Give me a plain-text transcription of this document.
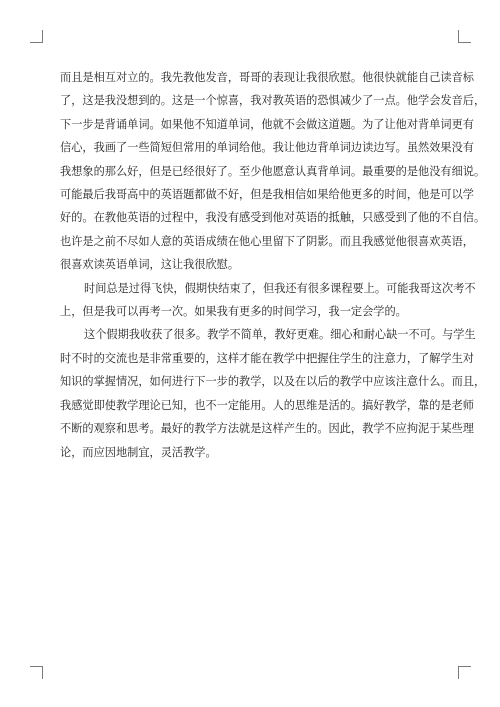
而且是相互对立的。我先教他发音，哥哥的表现让我很欣慰。他很快就能自己读音标
了，这是我没想到的。这是一个惊喜，我对教英语的恐惧减少了一点。他学会发音后，
下一步是背诵单词。如果他不知道单词，他就不会做这道题。为了让他对背单词更有
信心，我画了一些简短但常用的单词给他。我让他边背单词边读边写。虽然效果没有
我想象的那么好，但是已经很好了。至少他愿意认真背单词。最重要的是他没有细说。
可能最后我哥高中的英语题都做不好，但是我相信如果给他更多的时间，他是可以学
好的。在教他英语的过程中，我没有感受到他对英语的抵触，只感受到了他的不自信。
也许是之前不尽如人意的英语成绩在他心里留下了阴影。而且我感觉他很喜欢英语，
很喜欢读英语单词，这让我很欣慰。

时间总是过得飞快，假期快结束了，但我还有很多课程要上。可能我哥这次考不
上，但是我可以再考一次。如果我有更多的时间学习，我一定会学的。

这个假期我收获了很多。教学不简单，教好更难。细心和耐心缺一不可。与学生
时不时的交流也是非常重要的，这样才能在教学中把握住学生的注意力，了解学生对
知识的掌握情况，如何进行下一步的教学，以及在以后的教学中应该注意什么。而且，
我感觉即使教学理论已知，也不一定能用。人的思维是活的。搞好教学，靠的是老师
不断的观察和思考。最好的教学方法就是这样产生的。因此，教学不应拘泥于某些理
论，而应因地制宜，灵活教学。
